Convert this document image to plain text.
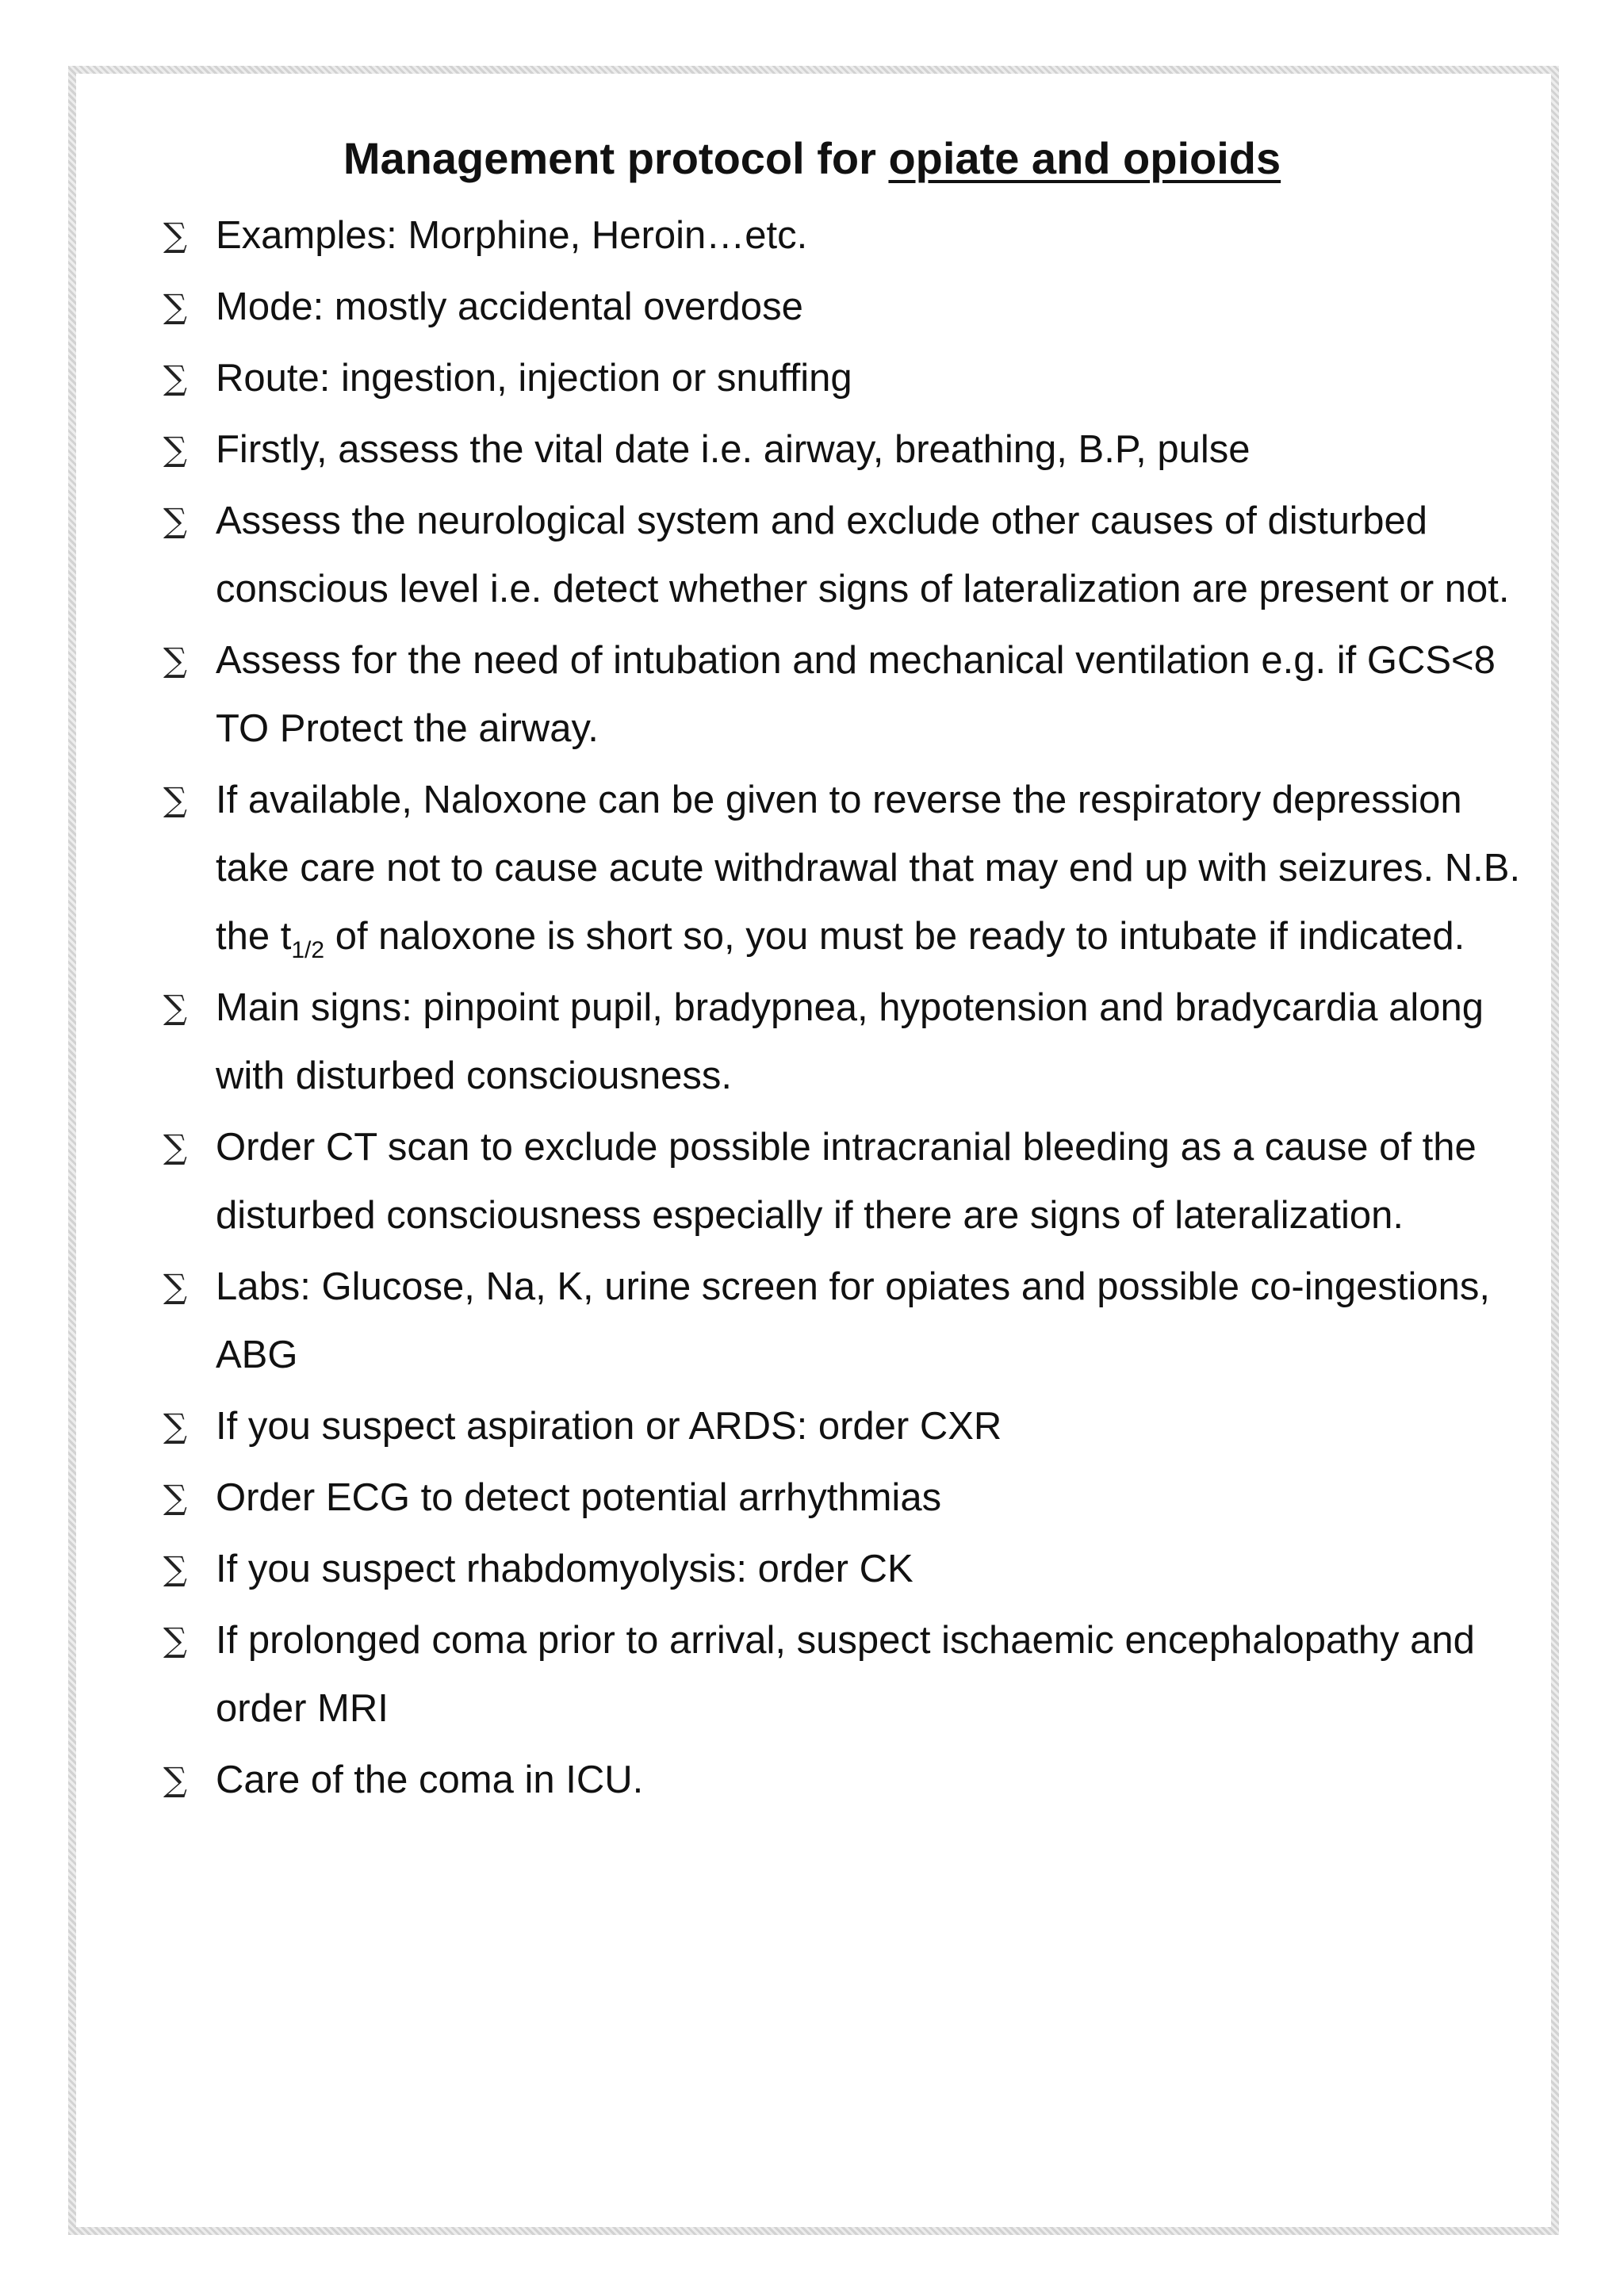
Management protocol for opiate and opioids
∑ Examples: Morphine, Heroin…etc.
∑ Mode: mostly accidental overdose
∑ Route: ingestion, injection or snuffing
∑ Firstly, assess the vital date i.e. airway, breathing, B.P, pulse
∑ Assess the neurological system and exclude other causes of disturbed conscious level i.e. detect whether signs of lateralization are present or not.
∑ Assess for the need of intubation and mechanical ventilation e.g. if GCS<8 TO Protect the airway.
∑ If available, Naloxone can be given to reverse the respiratory depression take care not to cause acute withdrawal that may end up with seizures. N.B. the $t_{1/2}$ of naloxone is short so, you must be ready to intubate if indicated.
∑ Main signs: pinpoint pupil, bradypnea, hypotension and bradycardia along with disturbed consciousness.
∑ Order CT scan to exclude possible intracranial bleeding as a cause of the disturbed consciousness especially if there are signs of lateralization.
∑ Labs: Glucose, Na, K, urine screen for opiates and possible co-ingestions, ABG
∑ If you suspect aspiration or ARDS: order CXR
∑ Order ECG to detect potential arrhythmias
∑ If you suspect rhabdomyolysis: order CK
∑ If prolonged coma prior to arrival, suspect ischaemic encephalopathy and order MRI
∑ Care of the coma in ICU.
